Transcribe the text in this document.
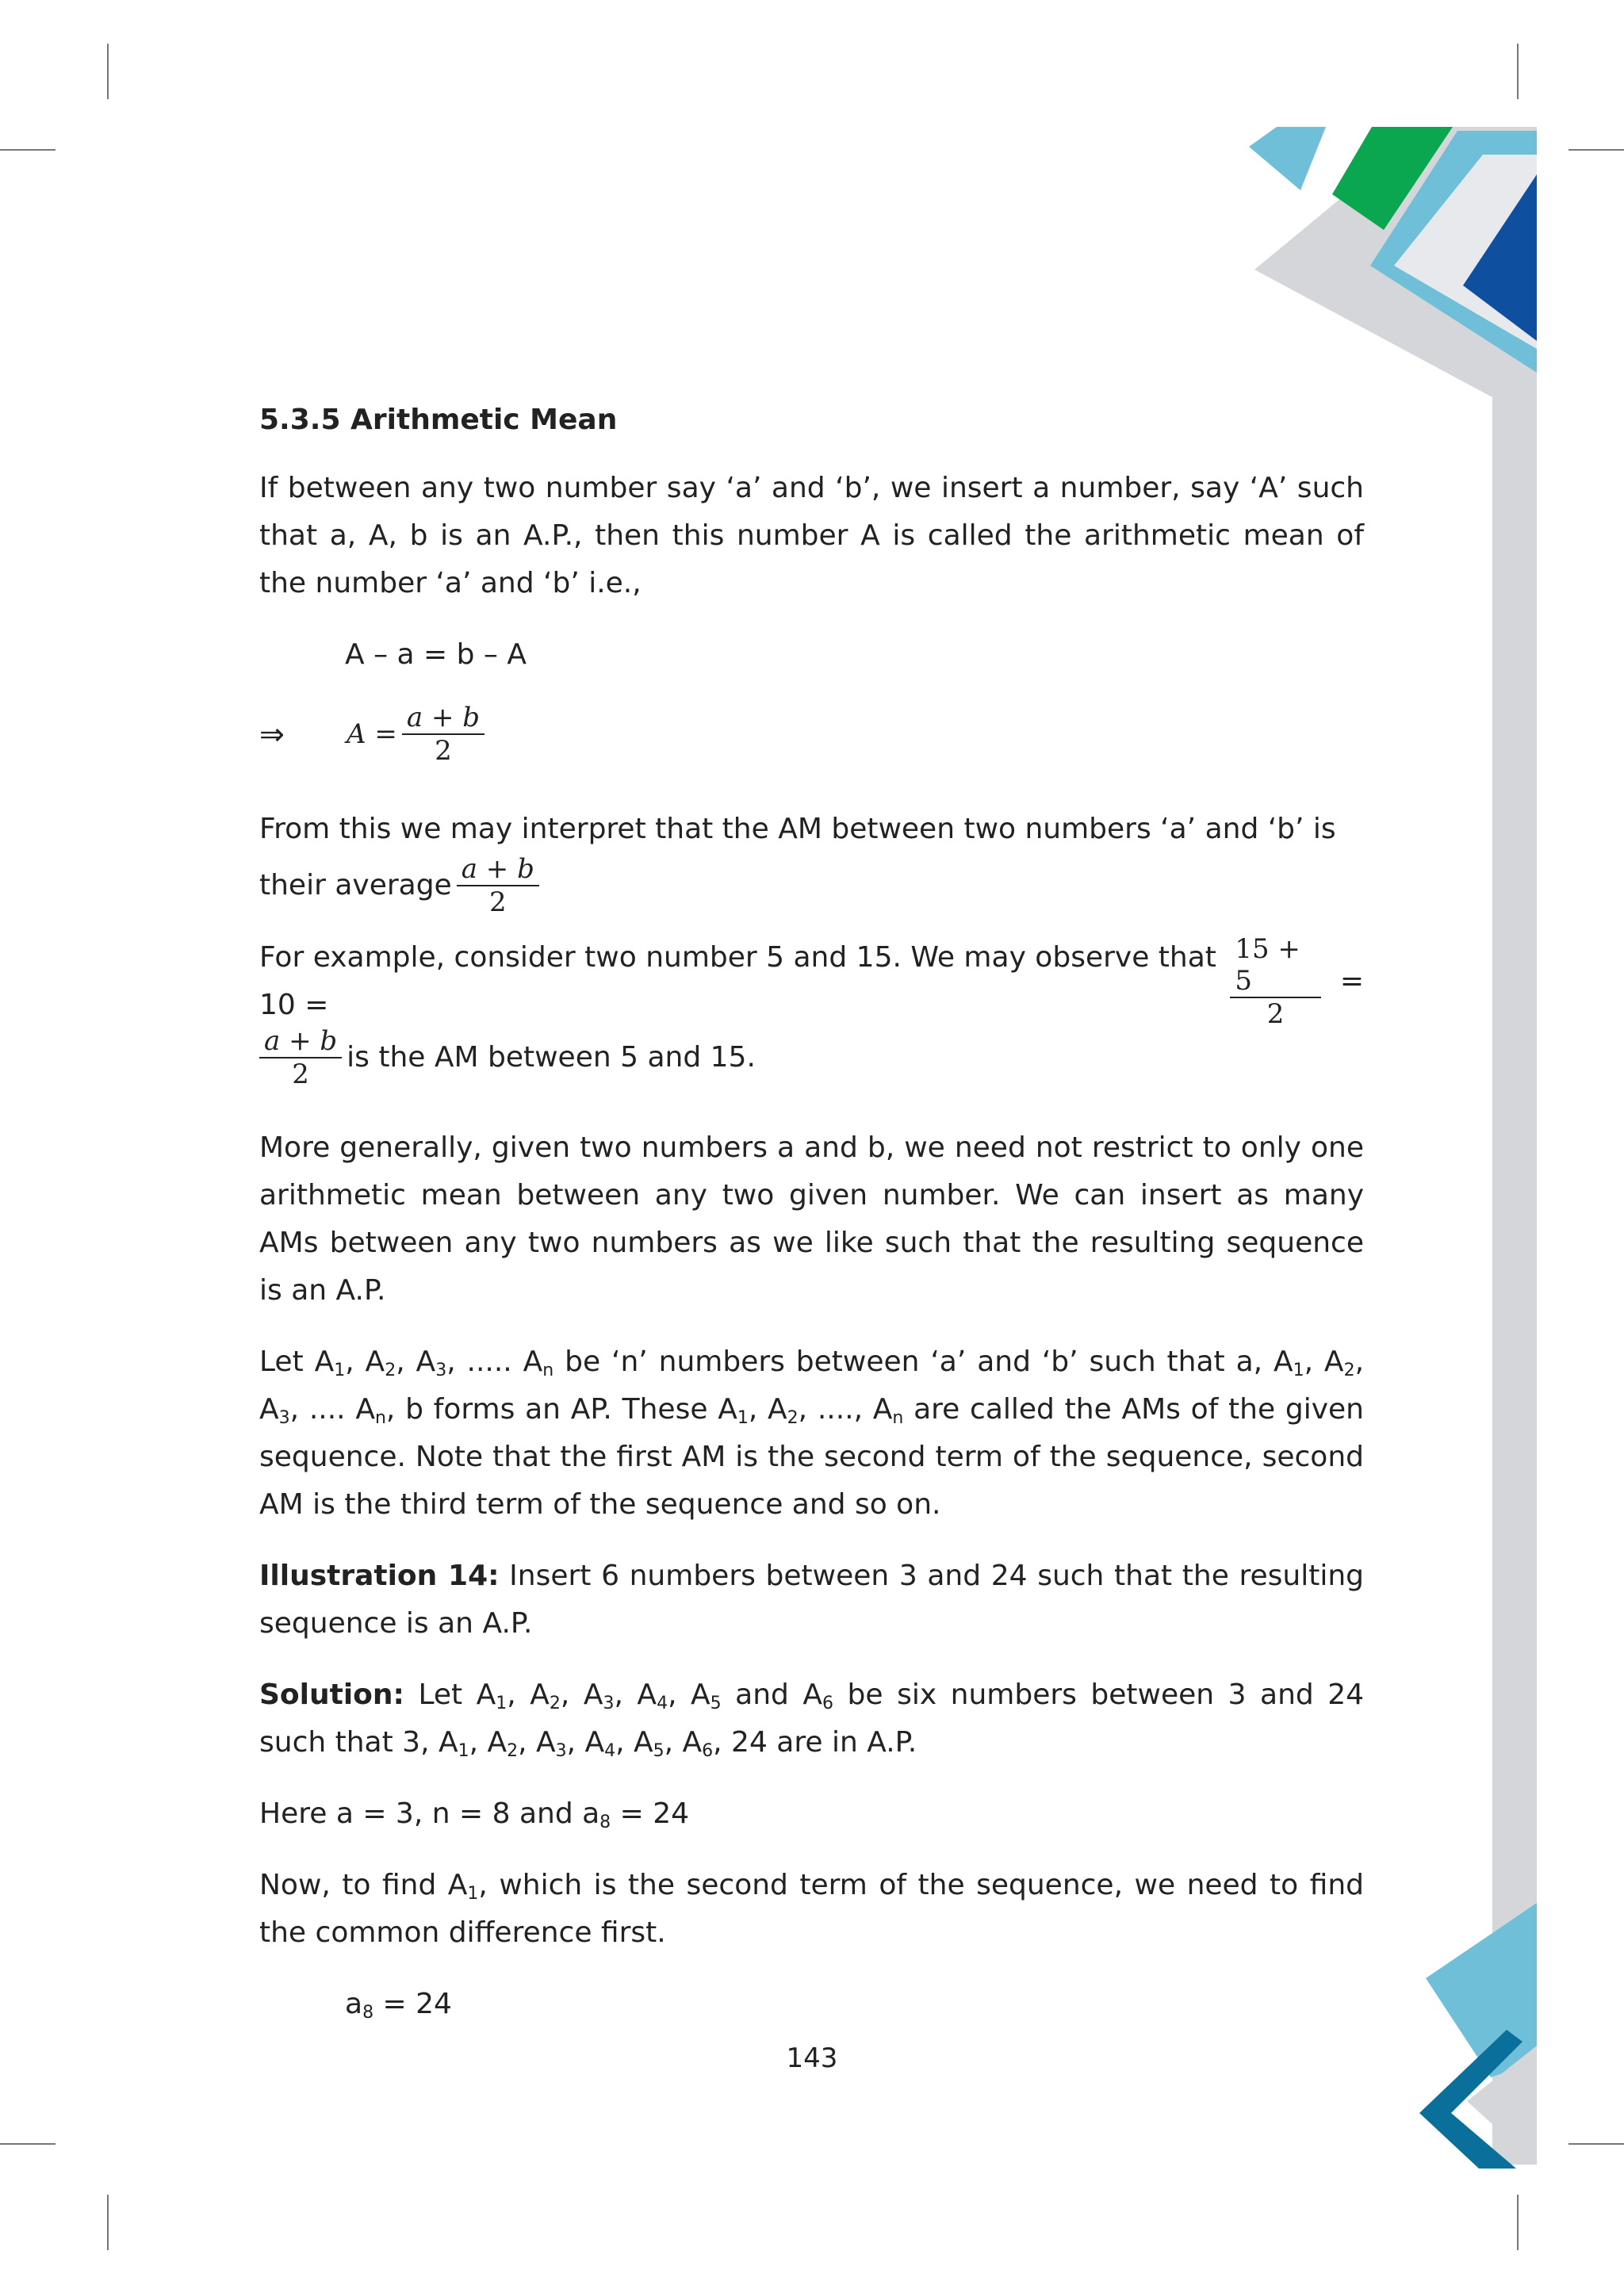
5.3.5 Arithmetic Mean

If between any two number say ‘a’ and ‘b’, we insert a number, say ‘A’ such that a, A, b is an A.P., then this number A is called the arithmetic mean of the number ‘a’ and ‘b’ i.e.,

A – a = b – A
⇒	$A = \frac{a + b}{2}$

From this we may interpret that the AM between two numbers ‘a’ and ‘b’ is

their average $\frac{a + b}{2}$
For example, consider two number 5 and 15. We may observe that 10 =	$\frac{15 + 5}{2}$ =
$\frac{a + b}{2}$ is the AM between 5 and 15.

More generally, given two numbers a and b, we need not restrict to only one arithmetic mean between any two given number. We can insert as many AMs between any two numbers as we like such that the resulting sequence is an A.P.

Let $A_1$, $A_2$, $A_3$, ..... $A_n$ be ‘n’ numbers between ‘a’ and ‘b’ such that a, $A_1$, $A_2$, $A_3$, .... $A_n$, b forms an AP. These $A_1$, $A_2$, ...., $A_n$ are called the AMs of the given sequence. Note that the first AM is the second term of the sequence, second AM is the third term of the sequence and so on.

Illustration 14: Insert 6 numbers between 3 and 24 such that the resulting sequence is an A.P.

Solution: Let $A_1$, $A_2$, $A_3$, $A_4$, $A_5$ and $A_6$ be six numbers between 3 and 24 such that 3, $A_1$, $A_2$, $A_3$, $A_4$, $A_5$, $A_6$, 24 are in A.P.

Here a = 3, n = 8 and $a_8 = 24$

Now, to find $A_1$, which is the second term of the sequence, we need to find the common difference first.

$a_8 = 24$

143
